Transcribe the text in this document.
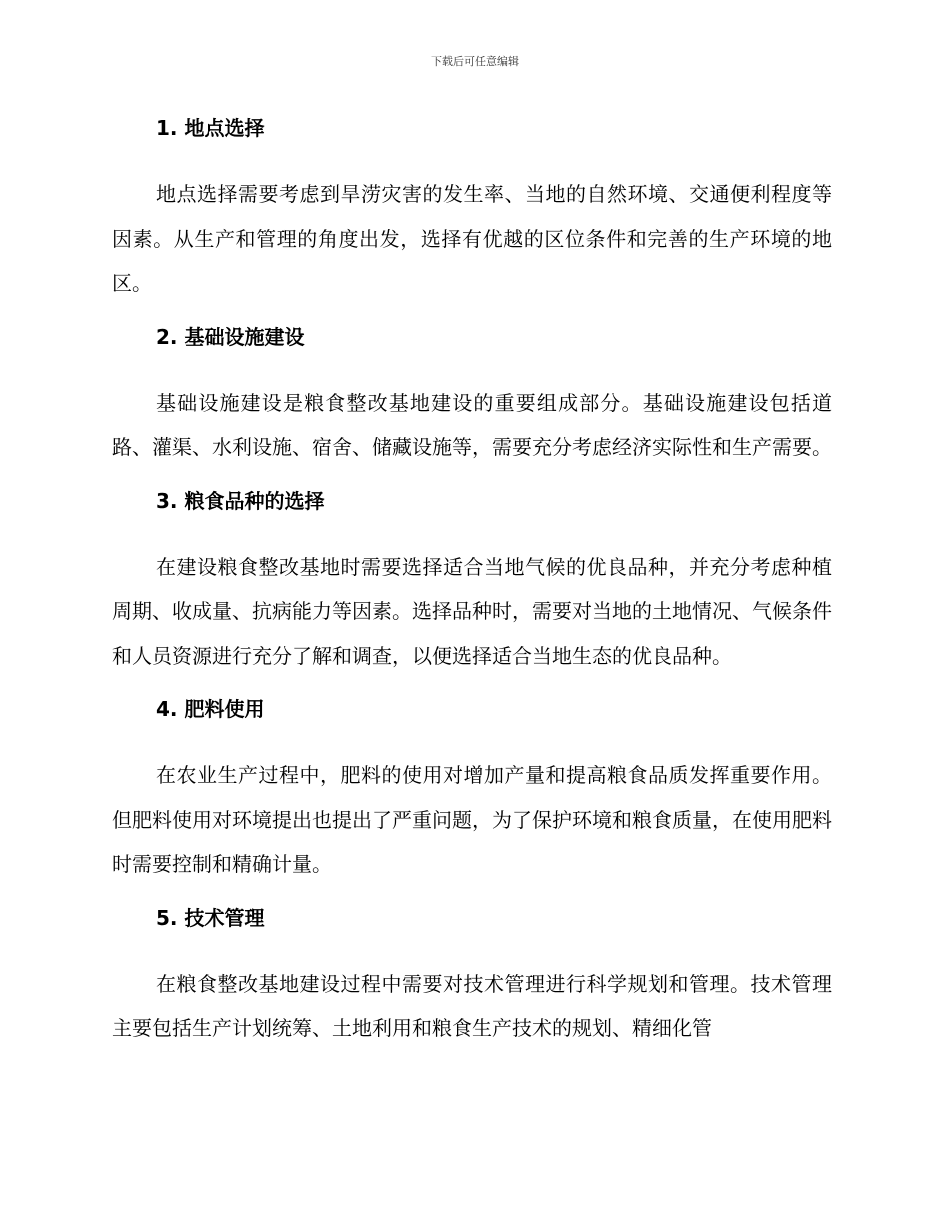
下载后可任意编辑
1. 地点选择

地点选择需要考虑到旱涝灾害的发生率、当地的自然环境、交通便利程度等因素。从生产和管理的角度出发，选择有优越的区位条件和完善的生产环境的地区。

2. 基础设施建设

基础设施建设是粮食整改基地建设的重要组成部分。基础设施建设包括道路、灌渠、水利设施、宿舍、储藏设施等，需要充分考虑经济实际性和生产需要。

3. 粮食品种的选择

在建设粮食整改基地时需要选择适合当地气候的优良品种，并充分考虑种植周期、收成量、抗病能力等因素。选择品种时，需要对当地的土地情况、气候条件和人员资源进行充分了解和调查，以便选择适合当地生态的优良品种。

4. 肥料使用

在农业生产过程中，肥料的使用对增加产量和提高粮食品质发挥重要作用。但肥料使用对环境提出也提出了严重问题，为了保护环境和粮食质量，在使用肥料时需要控制和精确计量。

5. 技术管理

在粮食整改基地建设过程中需要对技术管理进行科学规划和管理。技术管理主要包括生产计划统筹、土地利用和粮食生产技术的规划、精细化管
